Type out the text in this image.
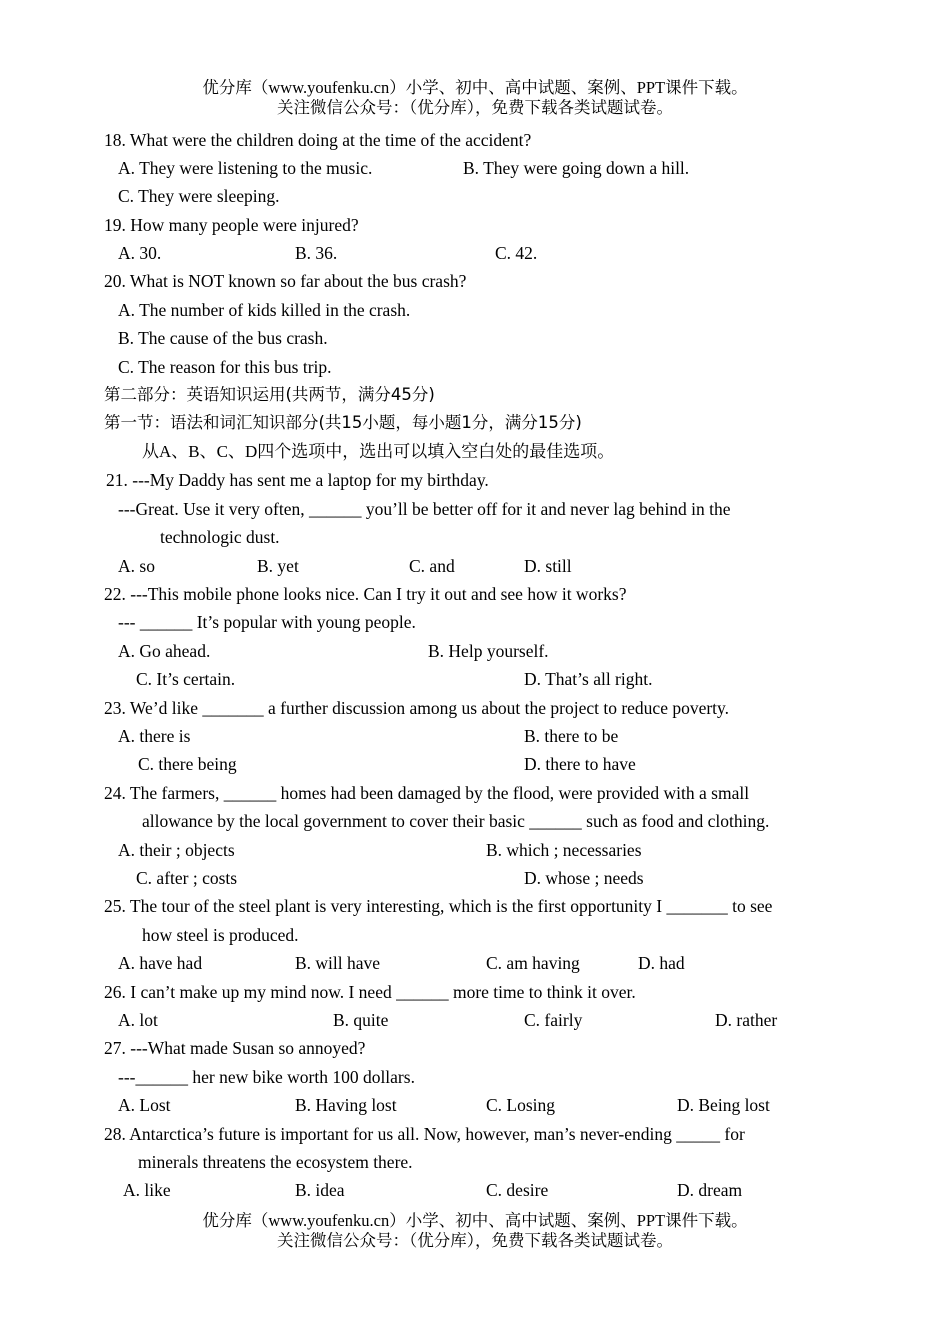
优分库（www.youfenku.cn）小学、初中、高中试题、案例、PPT课件下载。
关注微信公众号：（优分库），免费下载各类试题试卷。
18. What were the children doing at the time of the accident?
A. They were listening to the music.	B. They were going down a hill.
C. They were sleeping.
19. How many people were injured?
A. 30.	B. 36.	C. 42.
20. What is NOT known so far about the bus crash?
A. The number of kids killed in the crash.
B. The cause of the bus crash.
C. The reason for this bus trip.
第二部分：英语知识运用(共两节，满分45分)
第一节：语法和词汇知识部分(共15小题，每小题1分，满分15分)
从A、B、C、D四个选项中，选出可以填入空白处的最佳选项。
21. ---My Daddy has sent me a laptop for my birthday.
---Great. Use it very often, ______ you’ll be better off for it and never lag behind in the
technologic dust.
A. so	B. yet	C. and	D. still
22. ---This mobile phone looks nice. Can I try it out and see how it works?
--- ______ It’s popular with young people.
A. Go ahead.	B. Help yourself.
C. It’s certain.	D. That’s all right.
23. We’d like _______ a further discussion among us about the project to reduce poverty.
A. there is	B. there to be
C. there being	D. there to have
24. The farmers, ______ homes had been damaged by the flood, were provided with a small
allowance by the local government to cover their basic ______ such as food and clothing.
A. their ; objects	B. which ; necessaries
C. after ; costs	D. whose ; needs
25. The tour of the steel plant is very interesting, which is the first opportunity I _______ to see
how steel is produced.
A. have had	B. will have	C. am having	D. had
26. I can’t make up my mind now. I need ______ more time to think it over.
A. lot	B. quite	C. fairly	D. rather
27. ---What made Susan so annoyed?
---______ her new bike worth 100 dollars.
A. Lost	B. Having lost	C. Losing	D. Being lost
28. Antarctica’s future is important for us all. Now, however, man’s never-ending _____ for
minerals threatens the ecosystem there.
A. like	B. idea	C. desire	D. dream
优分库（www.youfenku.cn）小学、初中、高中试题、案例、PPT课件下载。
关注微信公众号：（优分库），免费下载各类试题试卷。
